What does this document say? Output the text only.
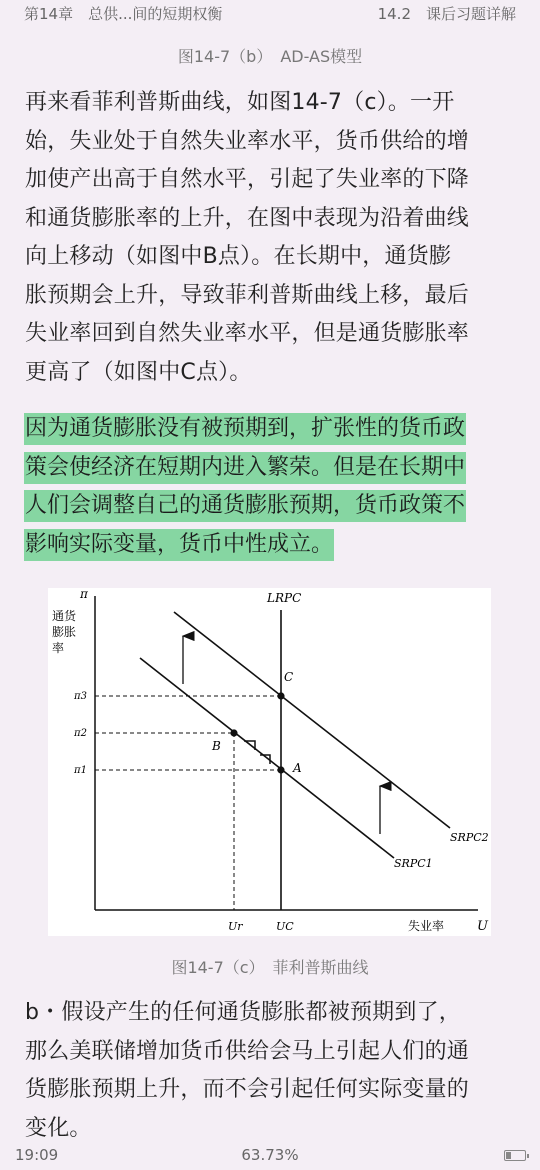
第14章　总供...间的短期权衡	14.2　课后习题详解
图14-7（b）　AD-AS模型
再来看菲利普斯曲线，如图14-7（c）。一开
始，失业处于自然失业率水平，货币供给的增
加使产出高于自然水平，引起了失业率的下降
和通货膨胀率的上升，在图中表现为沿着曲线
向上移动（如图中B点）。在长期中，通货膨
胀预期会上升，导致菲利普斯曲线上移，最后
失业率回到自然失业率水平，但是通货膨胀率
更高了（如图中C点）。
因为通货膨胀没有被预期到，扩张性的货币政
策会使经济在短期内进入繁荣。但是在长期中
人们会调整自己的通货膨胀预期，货币政策不
影响实际变量，货币中性成立。
π
通货
膨胀
率
U
失业率
LRPC
π3
π2
π1
Ur	UC
SRPC1
SRPC2
A
B
C
图14-7（c）　菲利普斯曲线
b・假设产生的任何通货膨胀都被预期到了，
那么美联储增加货币供给会马上引起人们的通
货膨胀预期上升，而不会引起任何实际变量的
变化。
19:09	63.73%
